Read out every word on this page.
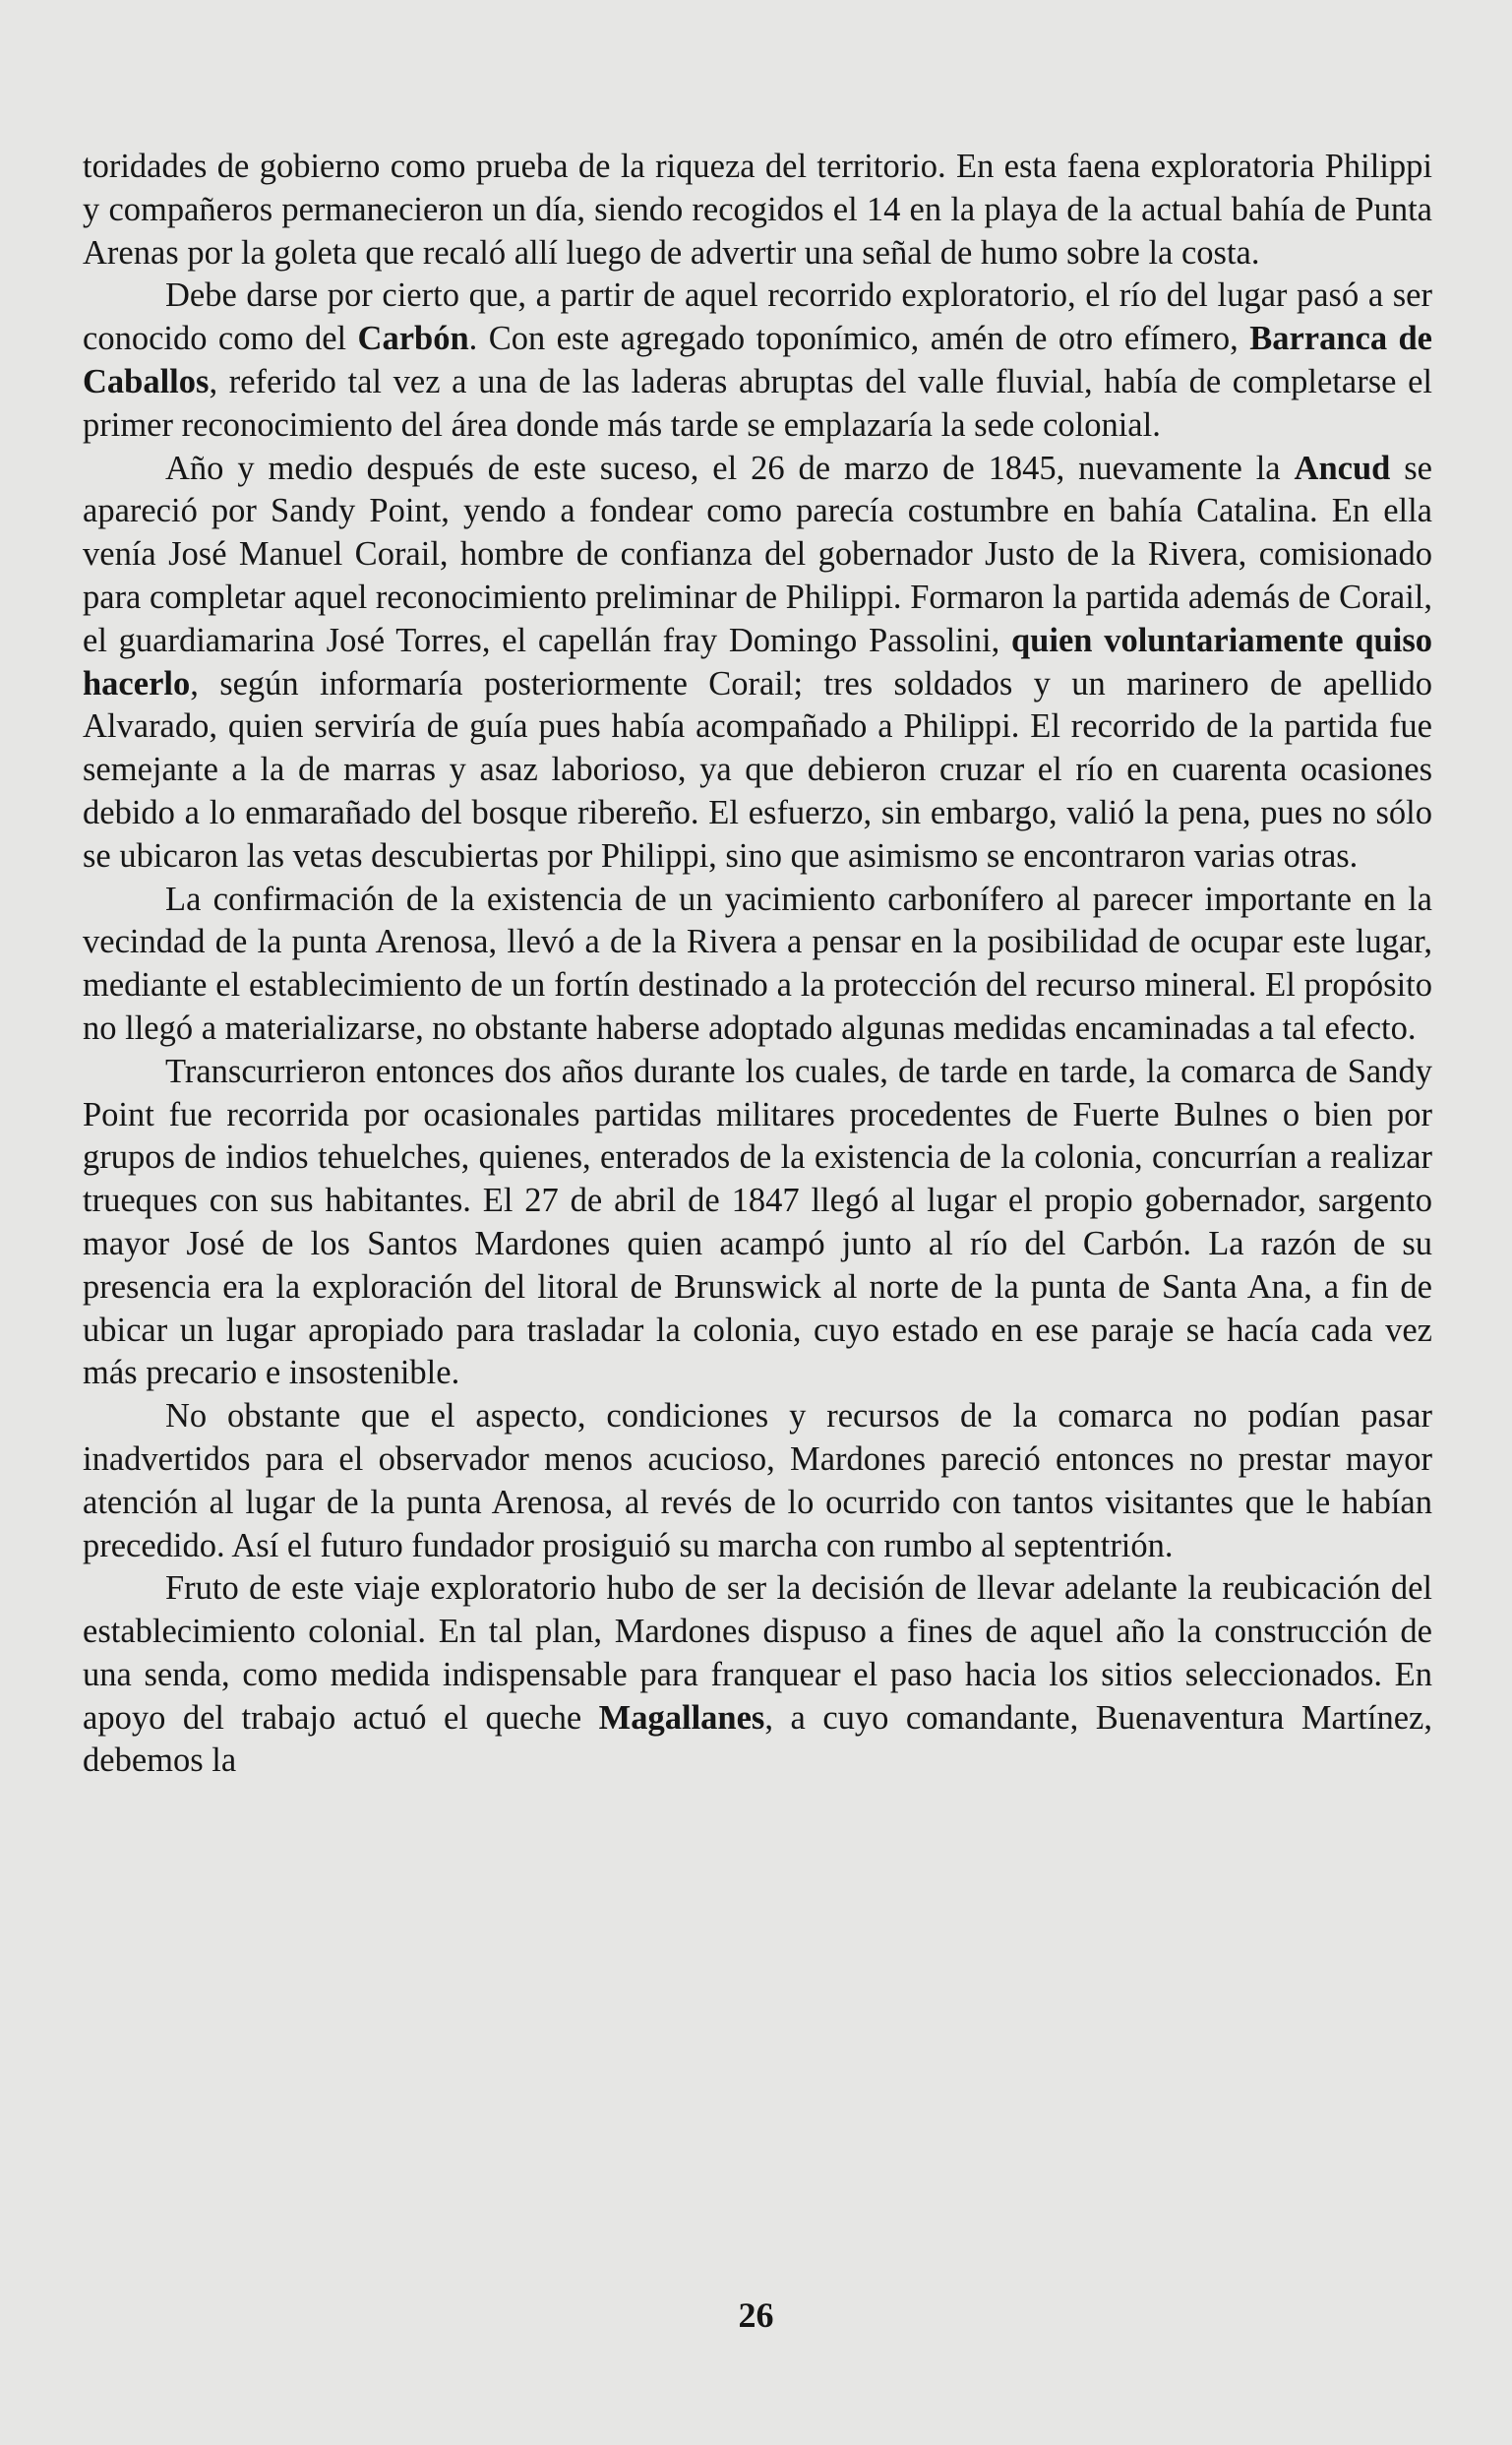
toridades de gobierno como prueba de la riqueza del territorio. En esta faena exploratoria Philippi y compañeros permanecieron un día, siendo recogidos el 14 en la playa de la actual bahía de Punta Arenas por la goleta que recaló allí luego de advertir una señal de humo sobre la costa.

Debe darse por cierto que, a partir de aquel recorrido exploratorio, el río del lugar pasó a ser conocido como del Carbón. Con este agregado toponímico, amén de otro efímero, Barranca de Caballos, referido tal vez a una de las laderas abruptas del valle fluvial, había de completarse el primer reconocimiento del área donde más tarde se emplazaría la sede colonial.

Año y medio después de este suceso, el 26 de marzo de 1845, nuevamente la Ancud se apareció por Sandy Point, yendo a fondear como parecía costumbre en bahía Catalina. En ella venía José Manuel Corail, hombre de confianza del gobernador Justo de la Rivera, comisionado para completar aquel reconocimiento preliminar de Philippi. Formaron la partida además de Corail, el guardiamarina José Torres, el capellán fray Domingo Passolini, quien voluntariamente quiso hacerlo, según informaría posteriormente Corail; tres soldados y un marinero de apellido Alvarado, quien serviría de guía pues había acompañado a Philippi. El recorrido de la partida fue semejante a la de marras y asaz laborioso, ya que debieron cruzar el río en cuarenta ocasiones debido a lo enmarañado del bosque ribereño. El esfuerzo, sin embargo, valió la pena, pues no sólo se ubicaron las vetas descubiertas por Philippi, sino que asimismo se encontraron varias otras.

La confirmación de la existencia de un yacimiento carbonífero al parecer importante en la vecindad de la punta Arenosa, llevó a de la Rivera a pensar en la posibilidad de ocupar este lugar, mediante el establecimiento de un fortín destinado a la protección del recurso mineral. El propósito no llegó a materializarse, no obstante haberse adoptado algunas medidas encaminadas a tal efecto.

Transcurrieron entonces dos años durante los cuales, de tarde en tarde, la comarca de Sandy Point fue recorrida por ocasionales partidas militares procedentes de Fuerte Bulnes o bien por grupos de indios tehuelches, quienes, enterados de la existencia de la colonia, concurrían a realizar trueques con sus habitantes. El 27 de abril de 1847 llegó al lugar el propio gobernador, sargento mayor José de los Santos Mardones quien acampó junto al río del Carbón. La razón de su presencia era la exploración del litoral de Brunswick al norte de la punta de Santa Ana, a fin de ubicar un lugar apropiado para trasladar la colonia, cuyo estado en ese paraje se hacía cada vez más precario e insostenible.

No obstante que el aspecto, condiciones y recursos de la comarca no podían pasar inadvertidos para el observador menos acucioso, Mardones pareció entonces no prestar mayor atención al lugar de la punta Arenosa, al revés de lo ocurrido con tantos visitantes que le habían precedido. Así el futuro fundador prosiguió su marcha con rumbo al septentrión.

Fruto de este viaje exploratorio hubo de ser la decisión de llevar adelante la reubicación del establecimiento colonial. En tal plan, Mardones dispuso a fines de aquel año la construcción de una senda, como medida indispensable para franquear el paso hacia los sitios seleccionados. En apoyo del trabajo actuó el queche Magallanes, a cuyo comandante, Buenaventura Martínez, debemos la

26
